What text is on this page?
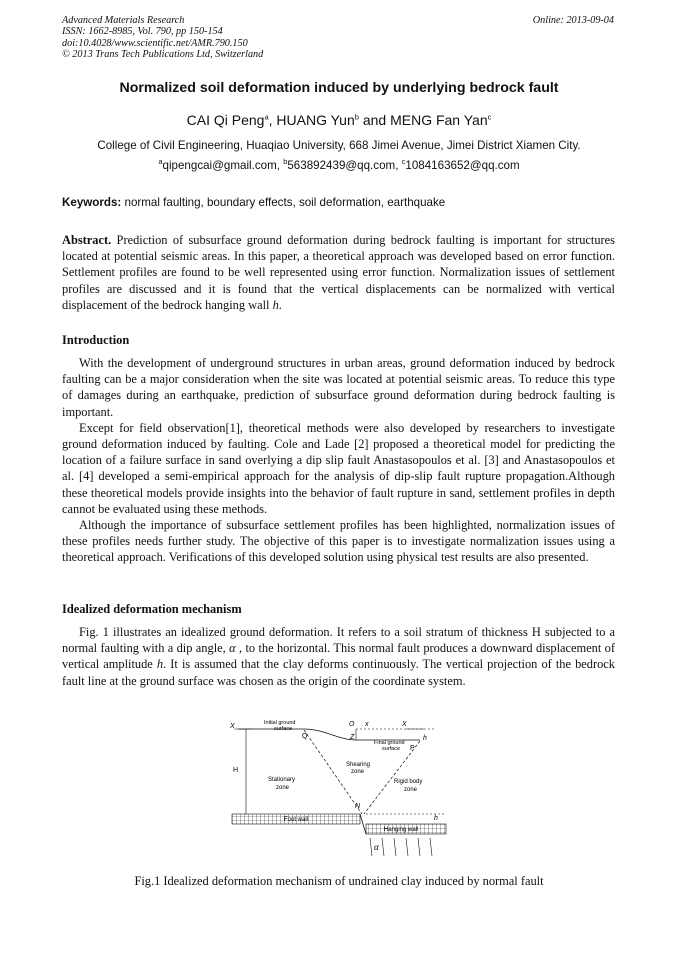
Advanced Materials Research
ISSN: 1662-8985, Vol. 790, pp 150-154
doi:10.4028/www.scientific.net/AMR.790.150
© 2013 Trans Tech Publications Ltd, Switzerland
Online: 2013-09-04
Normalized soil deformation induced by underlying bedrock fault
CAI Qi Peng$^a$, HUANG Yun$^b$ and MENG Fan Yan$^c$
College of Civil Engineering, Huaqiao University, 668 Jimei Avenue, Jimei District Xiamen City.
$^a$qipengcai@gmail.com, $^b$563892439@qq.com, $^c$1084163652@qq.com
Keywords: normal faulting, boundary effects, soil deformation, earthquake
Abstract. Prediction of subsurface ground deformation during bedrock faulting is important for structures located at potential seismic areas. In this paper, a theoretical approach was developed based on error function. Settlement profiles are found to be well represented using error function. Normalization issues of settlement profiles are discussed and it is found that the vertical displacements can be normalized with vertical displacement of the bedrock hanging wall h.
Introduction
With the development of underground structures in urban areas, ground deformation induced by bedrock faulting can be a major consideration when the site was located at potential seismic areas. To reduce this type of damages during an earthquake, prediction of subsurface ground deformation during bedrock faulting is important.
Except for field observation[1], theoretical methods were also developed by researchers to investigate ground deformation induced by faulting. Cole and Lade [2] proposed a theoretical model for predicting the location of a failure surface in sand overlying a dip slip fault Anastasopoulos et al. [3] and Anastasopoulos et al. [4] developed a semi-empirical approach for the analysis of dip-slip fault rupture propagation.Although these theoretical models provide insights into the behavior of fault rupture in sand, settlement profiles in depth cannot be evaluated using these methods.
Although the importance of subsurface settlement profiles has been highlighted, normalization issues of these profiles needs further study. The objective of this paper is to investigate normalization issues using a theoretical approach. Verifications of this developed solution using physical test results are also presented.
Idealized deformation mechanism
Fig. 1 illustrates an idealized ground deformation. It refers to a soil stratum of thickness H subjected to a normal faulting with a dip angle, α , to the horizontal. This normal fault produces a downward displacement of vertical amplitude h. It is assumed that the clay deforms continuously. The vertical projection of the bedrock fault line at the ground surface was chosen as the origin of the coordinate system.
X	Initial ground
surface
Q
O x
Z
Final ground
surface P
X
h
H
Shearing
zone
Stationary
zone
Rigid body
zone
N
Foot wall
Hanging wall
h
α
Fig.1 Idealized deformation mechanism of undrained clay induced by normal fault
